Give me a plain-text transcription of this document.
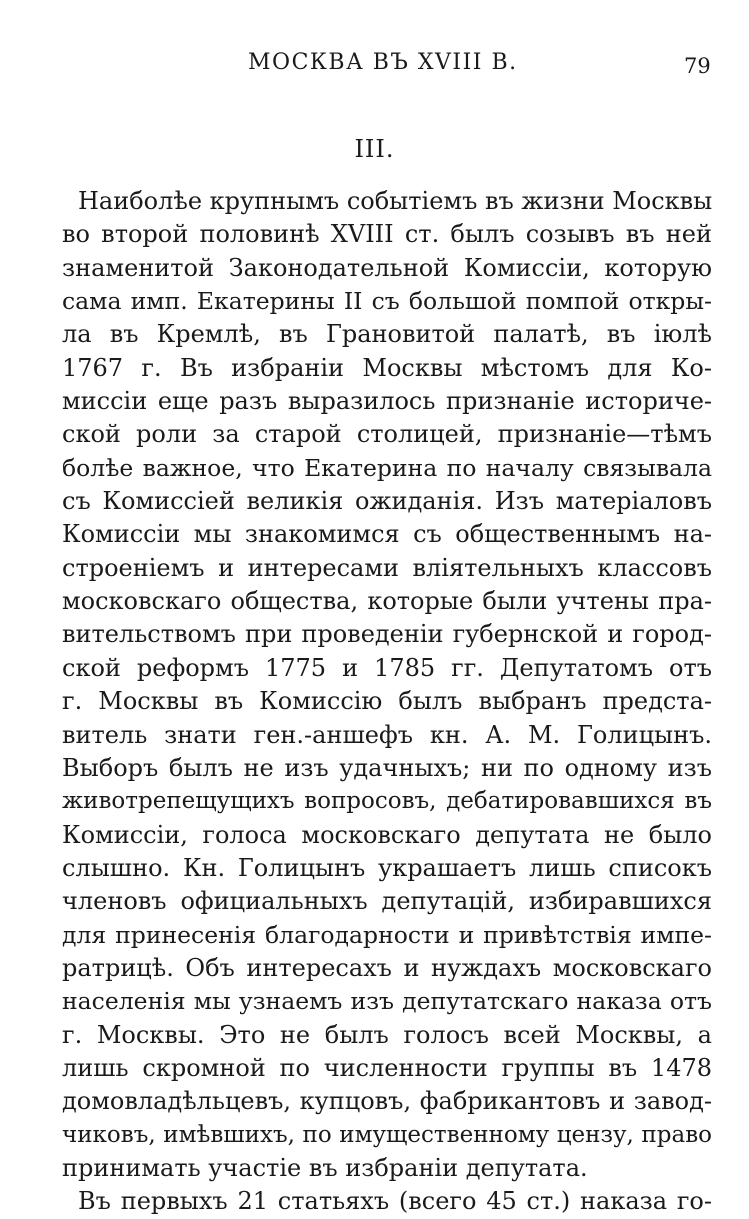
МОСКВА ВЪ XVIII В.	79
III.
Наиболѣе крупнымъ событіемъ въ жизни Москвы
во второй половинѣ XVIII ст. былъ созывъ въ ней
знаменитой Законодательной Комиссіи, которую
сама имп. Екатерины II съ большой помпой откры-
ла въ Кремлѣ, въ Грановитой палатѣ, въ іюлѣ
1767 г. Въ избраніи Москвы мѣстомъ для Ко-
миссіи еще разъ выразилось признаніе историче-
ской роли за старой столицей, признаніе—тѣмъ
болѣе важное, что Екатерина по началу связывала
съ Комиссіей великія ожиданія. Изъ матеріаловъ
Комиссіи мы знакомимся съ общественнымъ на-
строеніемъ и интересами вліятельныхъ классовъ
московскаго общества, которые были учтены пра-
вительствомъ при проведеніи губернской и город-
ской реформъ 1775 и 1785 гг. Депутатомъ отъ
г. Москвы въ Комиссію былъ выбранъ предста-
витель знати ген.-аншефъ кн. А. М. Голицынъ.
Выборъ былъ не изъ удачныхъ; ни по одному изъ
животрепещущихъ вопросовъ, дебатировавшихся въ
Комиссіи, голоса московскаго депутата не было
слышно. Кн. Голицынъ украшаетъ лишь списокъ
членовъ официальныхъ депутацій, избиравшихся
для принесенія благодарности и привѣтствія импе-
ратрицѣ. Объ интересахъ и нуждахъ московскаго
населенія мы узнаемъ изъ депутатскаго наказа отъ
г. Москвы. Это не былъ голосъ всей Москвы, а
лишь скромной по численности группы въ 1478
домовладѣльцевъ, купцовъ, фабрикантовъ и завод-
чиковъ, имѣвшихъ, по имущественному цензу, право
принимать участіе въ избраніи депутата.
Въ первыхъ 21 статьяхъ (всего 45 ст.) наказа го-
